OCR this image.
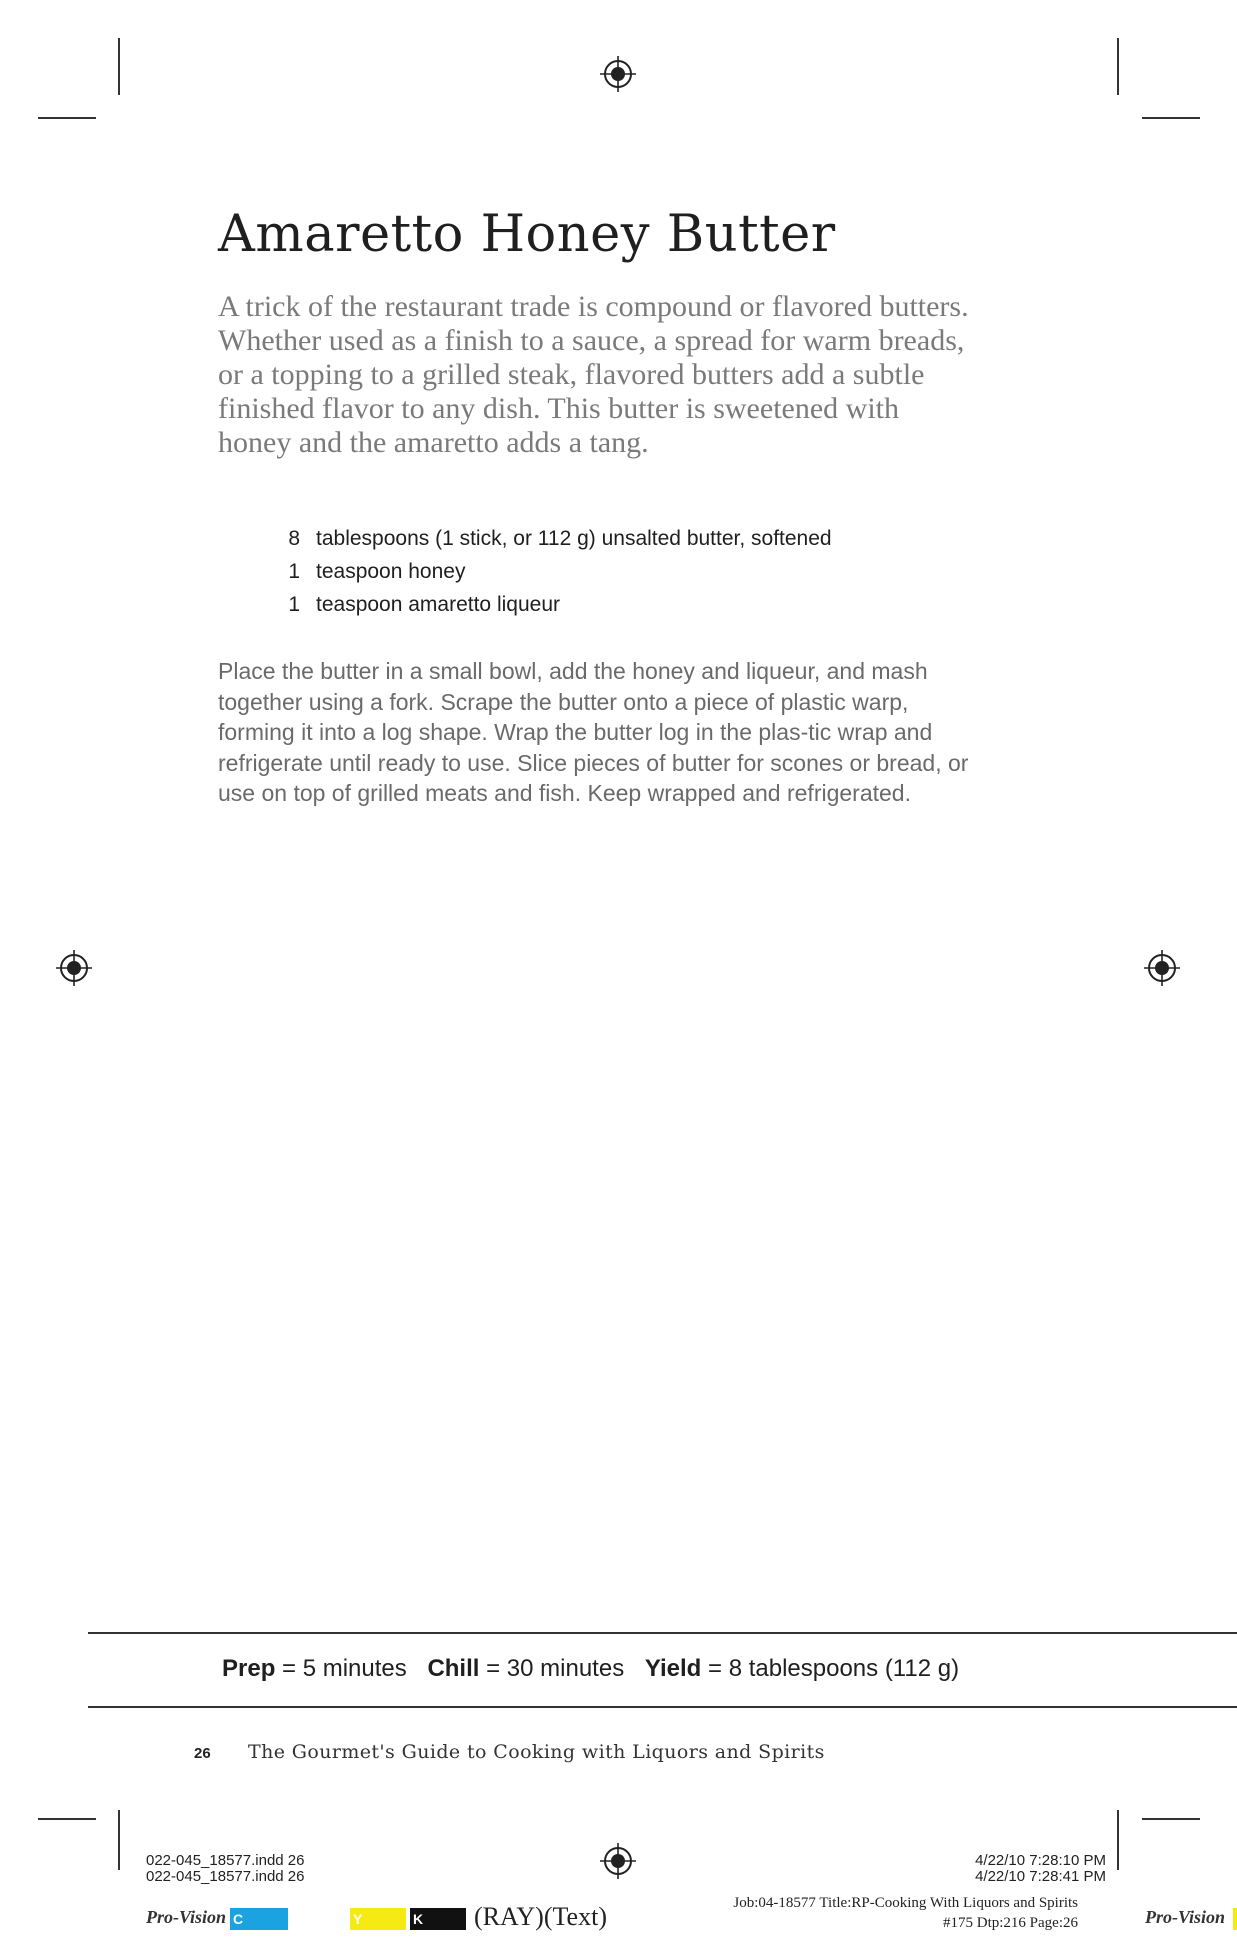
Amaretto Honey Butter
A trick of the restaurant trade is compound or flavored butters. Whether used as a finish to a sauce, a spread for warm breads, or a topping to a grilled steak, flavored butters add a subtle finished flavor to any dish. This butter is sweetened with honey and the amaretto adds a tang.
8 tablespoons (1 stick, or 112 g) unsalted butter, softened
1 teaspoon honey
1 teaspoon amaretto liqueur
Place the butter in a small bowl, add the honey and liqueur, and mash together using a fork. Scrape the butter onto a piece of plastic warp, forming it into a log shape. Wrap the butter log in the plas-tic wrap and refrigerate until ready to use. Slice pieces of butter for scones or bread, or use on top of grilled meats and fish. Keep wrapped and refrigerated.
Prep = 5 minutes Chill = 30 minutes Yield = 8 tablespoons (112 g)
26 The Gourmet's Guide to Cooking with Liquors and Spirits
022-045_18577.indd 26
022-045_18577.indd 26
4/22/10 7:28:10 PM
4/22/10 7:28:41 PM
Pro-Vision C	Y	K	(RAY)(Text)	Job:04-18577 Title:RP-Cooking With Liquors and Spirits
#175 Dtp:216 Page:26	Pro-Vision
